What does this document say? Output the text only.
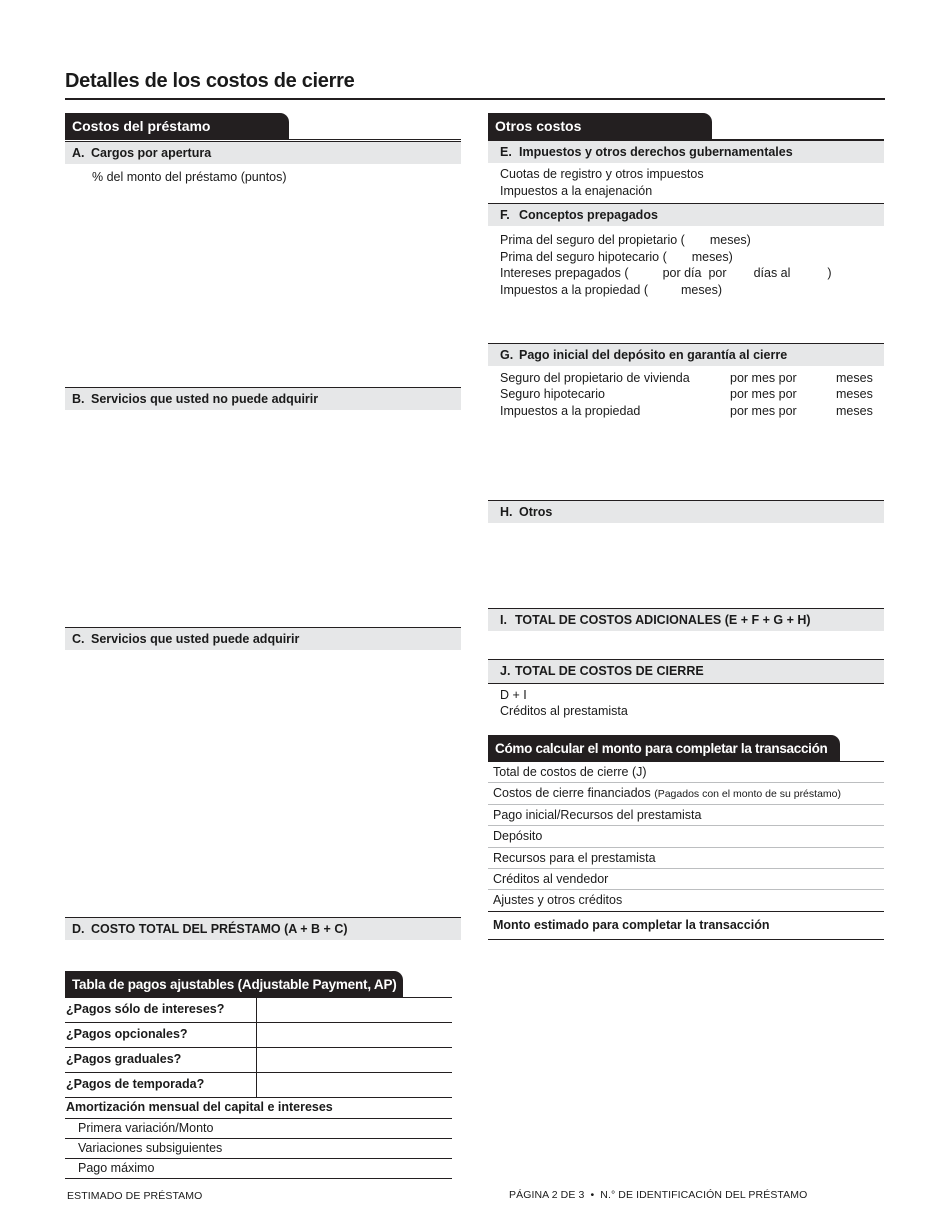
Detalles de los costos de cierre
Costos del préstamo
A. Cargos por apertura
% del monto del préstamo (puntos)
B. Servicios que usted no puede adquirir
C. Servicios que usted puede adquirir
D. COSTO TOTAL DEL PRÉSTAMO (A + B + C)
Tabla de pagos ajustables (Adjustable Payment, AP)
¿Pagos sólo de intereses?
¿Pagos opcionales?
¿Pagos graduales?
¿Pagos de temporada?
Amortización mensual del capital e intereses
Primera variación/Monto
Variaciones subsiguientes
Pago máximo
Otros costos
E. Impuestos y otros derechos gubernamentales
Cuotas de registro y otros impuestos
Impuestos a la enajenación
F. Conceptos prepagados
Prima del seguro del propietario ( meses)
Prima del seguro hipotecario ( meses)
Intereses prepagados (	por día por días al	)
Impuestos a la propiedad (	meses)
G. Pago inicial del depósito en garantía al cierre
Seguro del propietario de vivienda	por mes por	meses
Seguro hipotecario	por mes por	meses
Impuestos a la propiedad	por mes por	meses
H. Otros
I. TOTAL DE COSTOS ADICIONALES (E + F + G + H)
J. TOTAL DE COSTOS DE CIERRE
D + I
Créditos al prestamista
Cómo calcular el monto para completar la transacción
Total de costos de cierre (J)
Costos de cierre financiados (Pagados con el monto de su préstamo)
Pago inicial/Recursos del prestamista
Depósito
Recursos para el prestamista
Créditos al vendedor
Ajustes y otros créditos
Monto estimado para completar la transacción
ESTIMADO DE PRÉSTAMO	PÁGINA 2 DE 3  •  N.° DE IDENTIFICACIÓN DEL PRÉSTAMO
